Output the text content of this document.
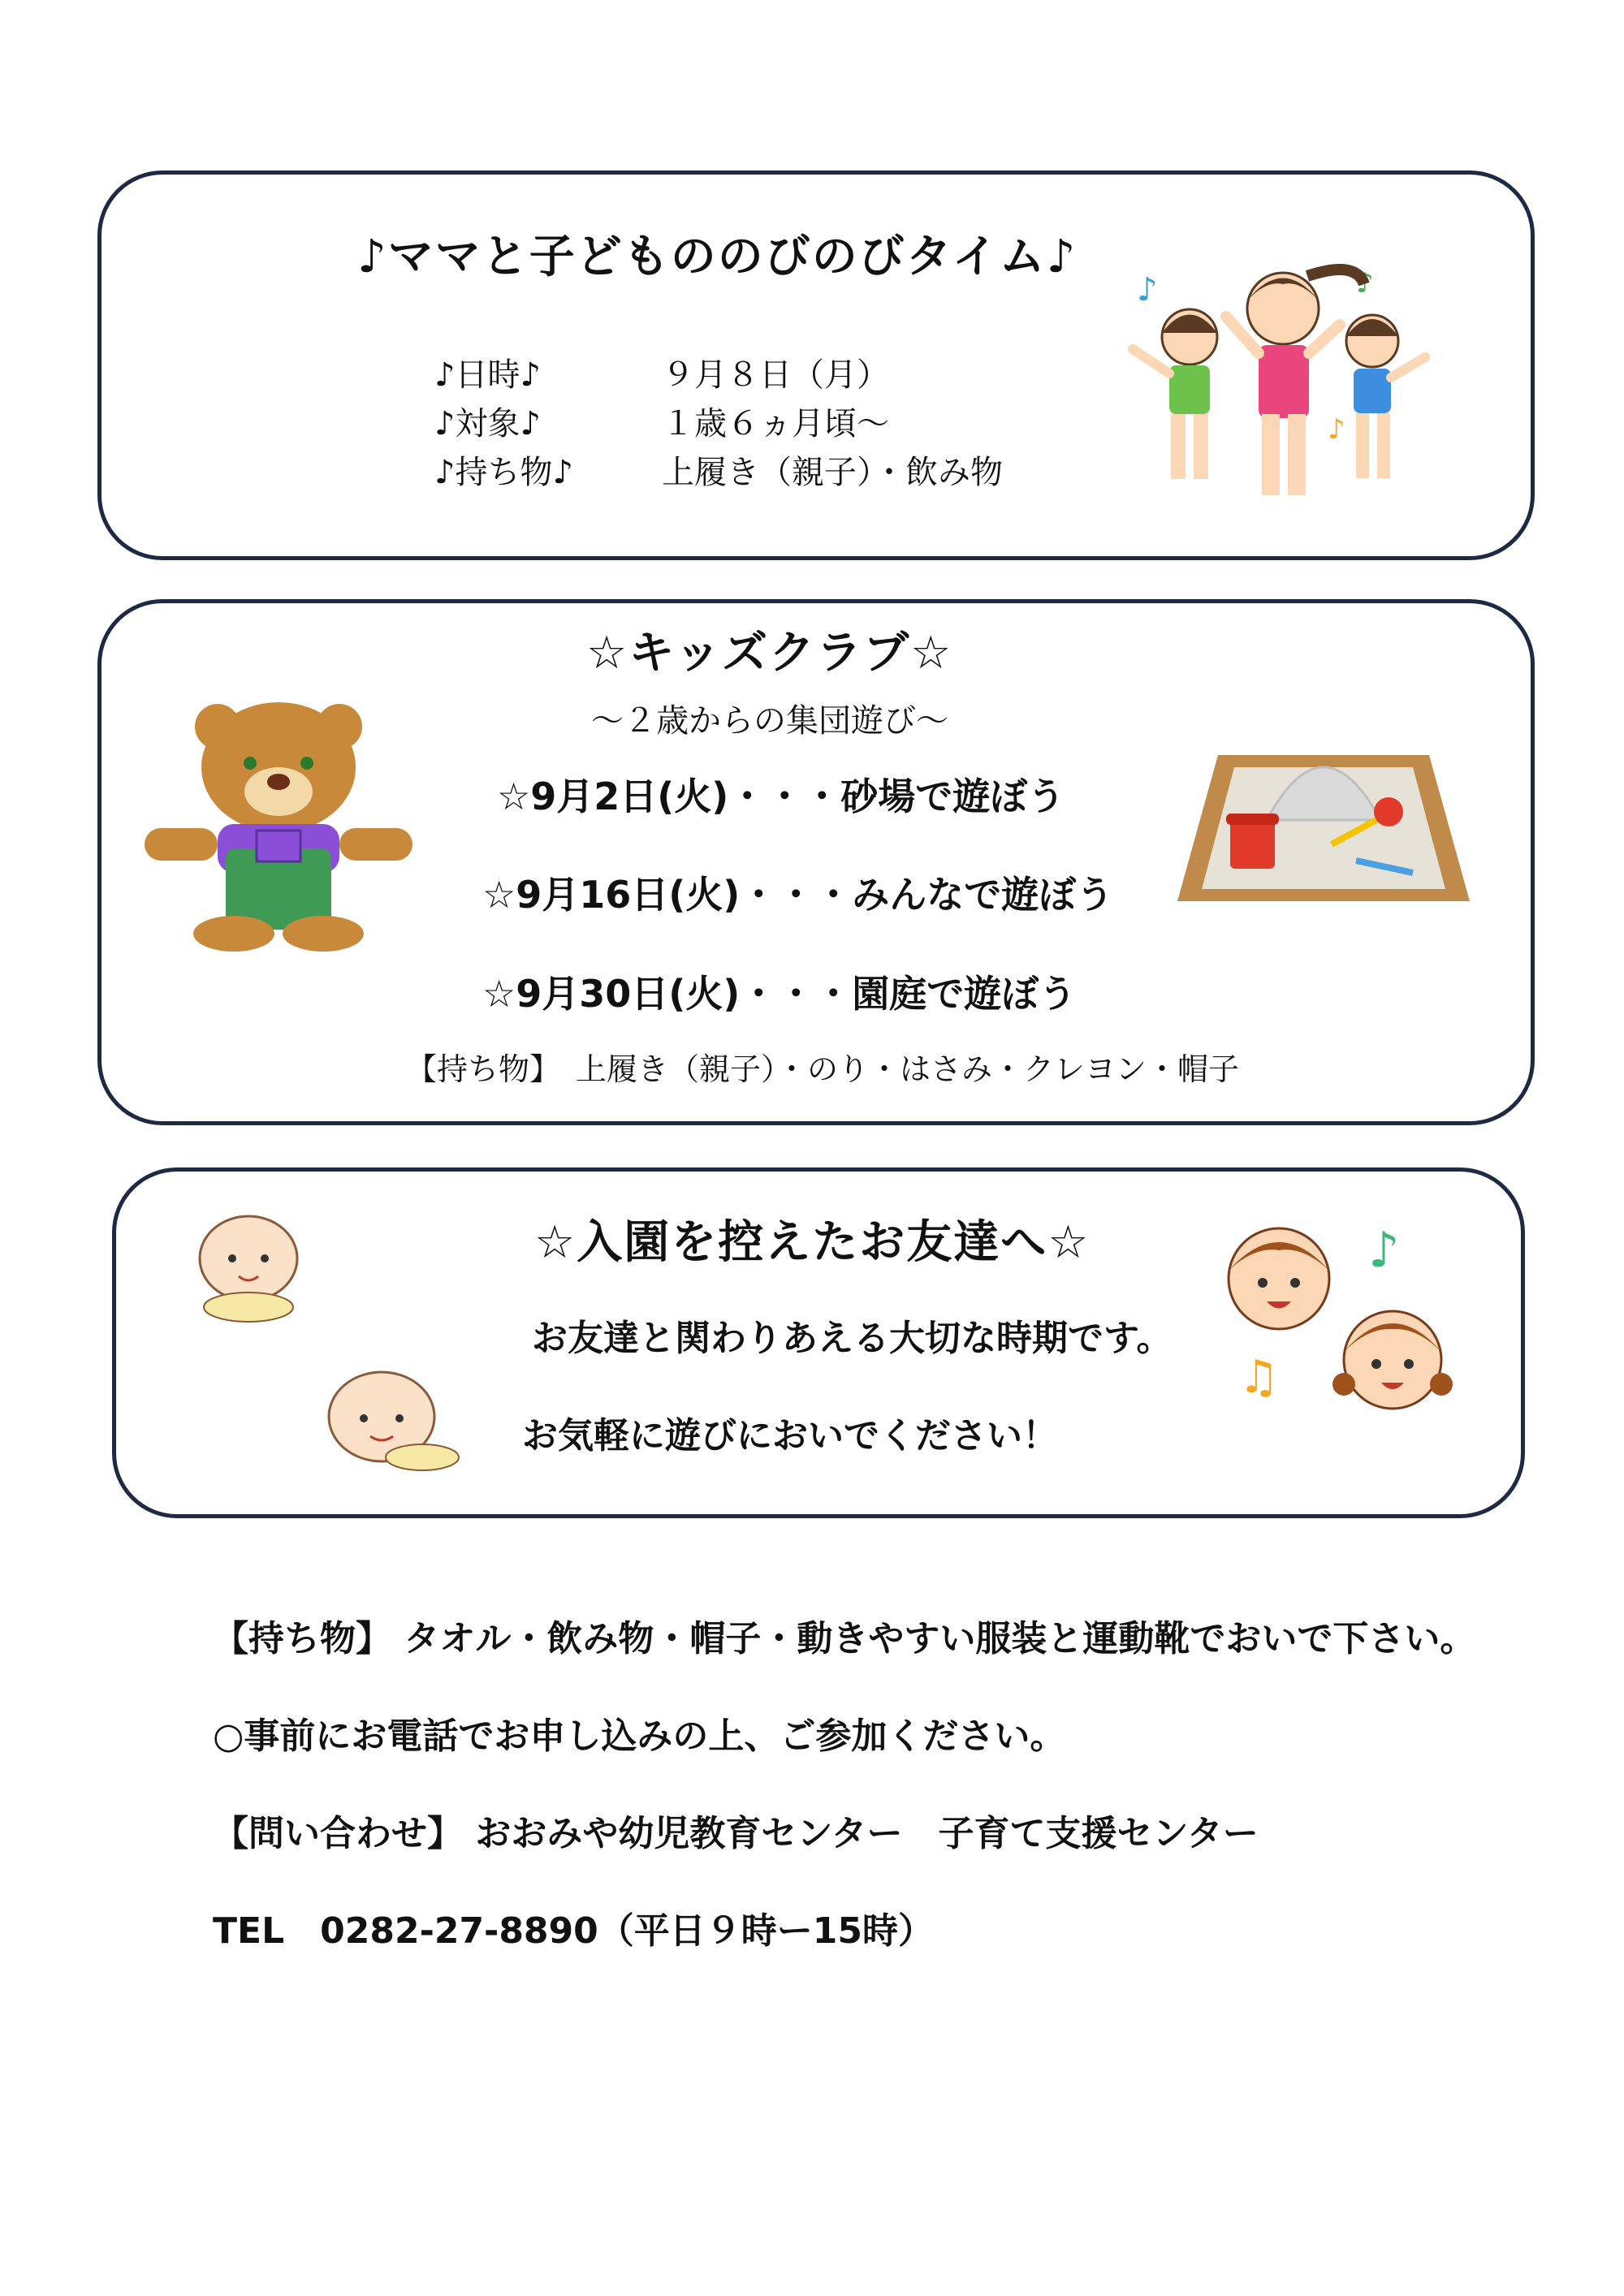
♪ママと子どもののびのびタイム♪
♪日時♪	９月８日（月）
♪対象♪	１歳６ヵ月頃～
♪持ち物♪	上履き（親子）・飲み物
♪	♪
♪
☆キッズクラブ☆
～２歳からの集団遊び～
☆9月2日(火)・・・砂場で遊ぼう
☆9月16日(火)・・・みんなで遊ぼう
☆9月30日(火)・・・園庭で遊ぼう
【持ち物】　上履き（親子）・のり・はさみ・クレヨン・帽子
☆入園を控えたお友達へ☆
お友達と関わりあえる大切な時期です。
お気軽に遊びにおいでください！
♪
♫
【持ち物】 タオル・飲み物・帽子・動きやすい服装と運動靴でおいで下さい。
○事前にお電話でお申し込みの上、ご参加ください。
【問い合わせ】 おおみや幼児教育センター　子育て支援センター
TEL　0282-27-8890（平日９時ー15時）
